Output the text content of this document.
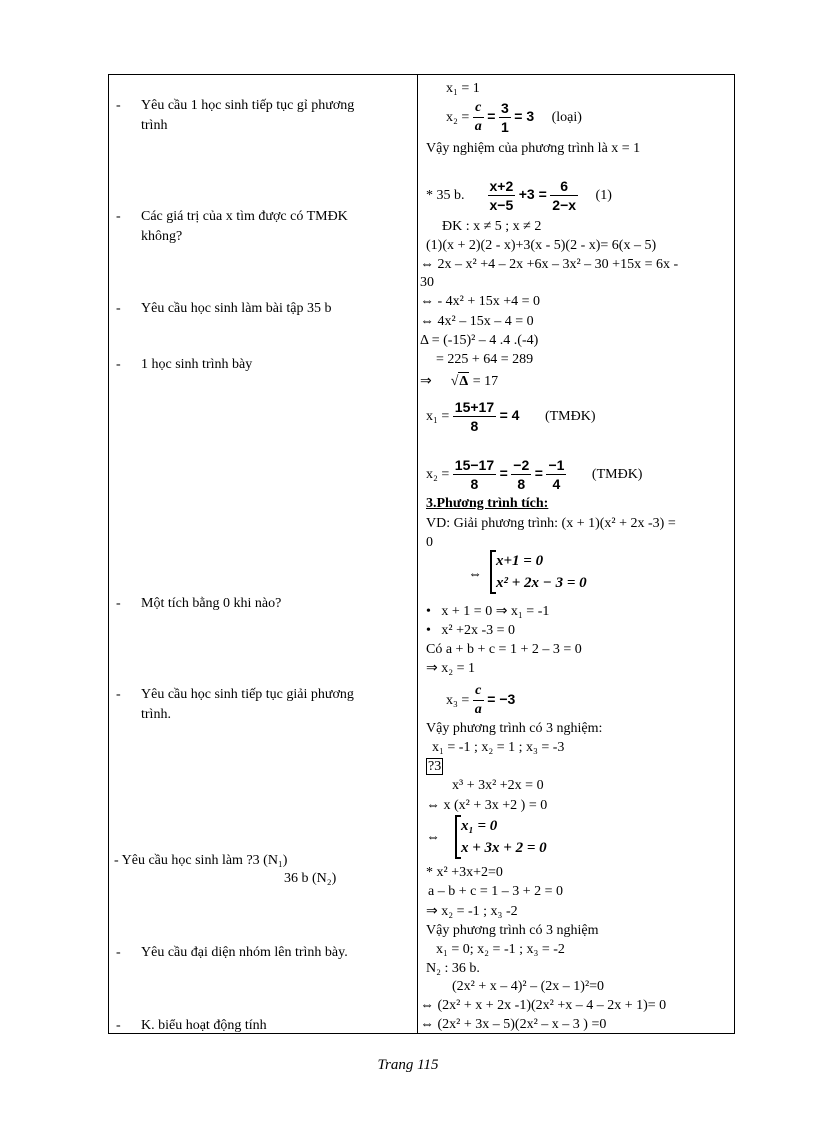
- Yêu cầu 1 học sinh tiếp tục gỉ phương
trình
- Các giá trị của x tìm được có TMĐK
không?
- Yêu cầu học sinh làm bài tập 35 b
- 1 học sinh trình bày
- Một tích bằng 0 khi nào?
- Yêu cầu học sinh tiếp tục giải phương
trình.
- Yêu cầu học sinh làm ?3 (N₁)
36 b (N₂)
- Yêu cầu đại diện nhóm lên trình bày.
- K. biểu hoạt động tính
x₁ = 1
$x_2 = \frac{c}{a} = \frac{3}{1} = 3$ (loại)
Vậy nghiệm của phương trình là x = 1
* 35 b. $\frac{x+2}{x-5} +3 = \frac{6}{2-x} (1)$
ĐK : x ≠ 5 ; x ≠ 2
(1)(x + 2)(2 - x)+3(x - 5)(2 - x)= 6(x – 5)
⇔ 2x – x² +4 – 2x +6x – 3x² – 30 +15x = 6x -
30
⇔ - 4x² + 15x +4 = 0
⇔ 4x² – 15x – 4 = 0
Δ = (-15)² – 4 .4 .(-4)
= 225 + 64 = 289
⇒ √Δ = 17
$x_1 = \frac{15+17}{8} = 4$ (TMĐK)
$x_2 = \frac{15-17}{8} = \frac{-2}{8} = \frac{-1}{4}$ (TMĐK)
3.Phương trình tích:
VD: Giải phương trình: (x + 1)(x² + 2x -3) =
0
⇔
x+1 = 0
x² + 2x − 3 = 0
• x + 1 = 0 ⇒ x₁ = -1
• x² +2x -3 = 0
Có a + b + c = 1 + 2 – 3 = 0
⇒ x₂ = 1
$x_3 = \frac{c}{a} = -3$
Vậy phương trình có 3 nghiệm:
x₁ = -1 ; x₂ = 1 ; x₃ = -3
?3
x³ + 3x² +2x = 0
⇔ x (x² + 3x +2 ) = 0
⇔
x₁ = 0
x + 3x + 2 = 0
* x² +3x+2=0
a – b + c = 1 – 3 + 2 = 0
⇒ x₂ = -1 ; x₃ -2
Vậy phương trình có 3 nghiệm
x₁ = 0; x₂ = -1 ; x₃ = -2
N₂ : 36 b.
(2x² + x – 4)² – (2x – 1)²=0
⇔ (2x² + x + 2x -1)(2x² +x – 4 – 2x + 1)= 0
⇔ (2x² + 3x – 5)(2x² – x – 3 ) =0
Trang 115
